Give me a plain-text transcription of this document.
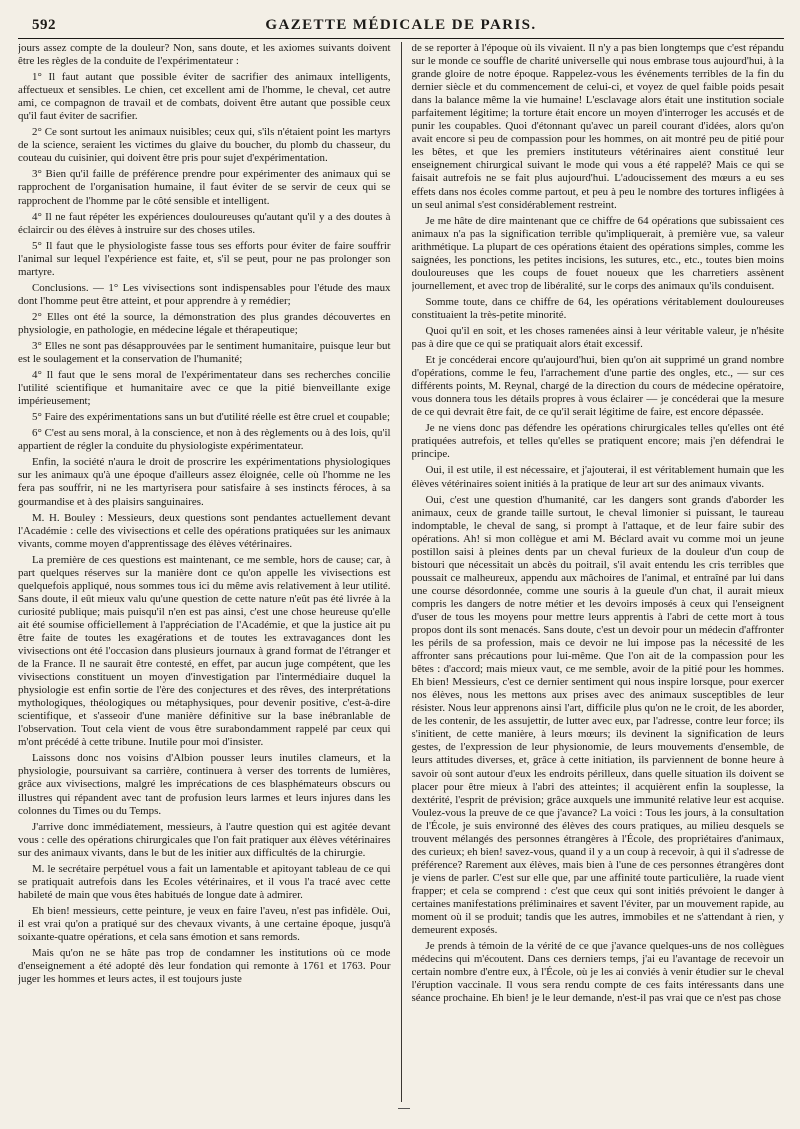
592	GAZETTE MÉDICALE DE PARIS.

jours assez compte de la douleur? Non, sans doute, et les axiomes suivants doivent être les règles de la conduite de l'expérimentateur :

1° Il faut autant que possible éviter de sacrifier des animaux intelligents, affectueux et sensibles. Le chien, cet excellent ami de l'homme, le cheval, cet autre ami, ce compagnon de travail et de combats, doivent être autant que possible ceux qu'il faut éviter de sacrifier.

2° Ce sont surtout les animaux nuisibles; ceux qui, s'ils n'étaient point les martyrs de la science, seraient les victimes du glaive du boucher, du plomb du chasseur, du couteau du cuisinier, qui doivent être pris pour sujet d'expérimentation.

3° Bien qu'il faille de préférence prendre pour expérimenter des animaux qui se rapprochent de l'organisation humaine, il faut éviter de se servir de ceux qui se rapprochent de l'homme par le côté sensible et intelligent.

4° Il ne faut répéter les expériences douloureuses qu'autant qu'il y a des doutes à éclaircir ou des élèves à instruire sur des choses utiles.

5° Il faut que le physiologiste fasse tous ses efforts pour éviter de faire souffrir l'animal sur lequel l'expérience est faite, et, s'il se peut, pour ne pas prolonger son martyre.

Conclusions. — 1° Les vivisections sont indispensables pour l'étude des maux dont l'homme peut être atteint, et pour apprendre à y remédier;

2° Elles ont été la source, la démonstration des plus grandes découvertes en physiologie, en pathologie, en médecine légale et thérapeutique;

3° Elles ne sont pas désapprouvées par le sentiment humanitaire, puisque leur but est le soulagement et la conservation de l'humanité;

4° Il faut que le sens moral de l'expérimentateur dans ses recherches concilie l'utilité scientifique et humanitaire avec ce que la pitié bienveillante exige impérieusement;

5° Faire des expérimentations sans un but d'utilité réelle est être cruel et coupable;

6° C'est au sens moral, à la conscience, et non à des règlements ou à des lois, qu'il appartient de régler la conduite du physiologiste expérimentateur.

Enfin, la société n'aura le droit de proscrire les expérimentations physiologiques sur les animaux qu'à une époque d'ailleurs assez éloignée, celle où l'homme ne les fera pas souffrir, ni ne les martyrisera pour satisfaire à ses instincts féroces, à sa gourmandise et à des plaisirs sanguinaires.

M. H. Bouley : Messieurs, deux questions sont pendantes actuellement devant l'Académie : celle des vivisections et celle des opérations pratiquées sur les animaux vivants, comme moyen d'apprentissage des élèves vétérinaires.

La première de ces questions est maintenant, ce me semble, hors de cause; car, à part quelques réserves sur la manière dont ce qu'on appelle les vivisections est quelquefois appliqué, nous sommes tous ici du même avis relativement à leur utilité. Sans doute, il eût mieux valu qu'une question de cette nature n'eût pas été livrée à la curiosité publique; mais puisqu'il n'en est pas ainsi, c'est une chose heureuse qu'elle ait été soumise officiellement à l'appréciation de l'Académie, et que la justice ait pu être faite de toutes les exagérations et de toutes les extravagances dont les vivisections ont été l'occasion dans plusieurs journaux à grand format de l'étranger et de la France. Il ne saurait être contesté, en effet, par aucun juge compétent, que les vivisections constituent un moyen d'investigation par l'intermédiaire duquel la physiologie est enfin sortie de l'ère des conjectures et des rêves, des interprétations mythologiques, théologiques ou métaphysiques, pour devenir positive, c'est-à-dire scientifique, et s'asseoir d'une manière définitive sur la base inébranlable de l'observation. Tout cela vient de vous être surabondamment rappelé par ceux qui m'ont précédé à cette tribune. Inutile pour moi d'insister.

Laissons donc nos voisins d'Albion pousser leurs inutiles clameurs, et la physiologie, poursuivant sa carrière, continuera à verser des torrents de lumières, grâce aux vivisections, malgré les imprécations de ces blasphémateurs obscurs ou illustres qui répandent avec tant de profusion leurs larmes et leurs injures dans les colonnes du Times ou du Temps.

J'arrive donc immédiatement, messieurs, à l'autre question qui est agitée devant vous : celle des opérations chirurgicales que l'on fait pratiquer aux élèves vétérinaires sur des animaux vivants, dans le but de les initier aux difficultés de la chirurgie.

M. le secrétaire perpétuel vous a fait un lamentable et apitoyant tableau de ce qui se pratiquait autrefois dans les Ecoles vétérinaires, et il vous l'a tracé avec cette habileté de main que vous êtes habitués de longue date à admirer.

Eh bien! messieurs, cette peinture, je veux en faire l'aveu, n'est pas infidèle. Oui, il est vrai qu'on a pratiqué sur des chevaux vivants, à une certaine époque, jusqu'à soixante-quatre opérations, et cela sans émotion et sans remords.

Mais qu'on ne se hâte pas trop de condamner les institutions où ce mode d'enseignement a été adopté dès leur fondation qui remonte à 1761 et 1763. Pour juger les hommes et leurs actes, il est toujours juste

de se reporter à l'époque où ils vivaient. Il n'y a pas bien longtemps que c'est répandu sur le monde ce souffle de charité universelle qui nous embrase tous aujourd'hui, à la grande gloire de notre époque. Rappelez-vous les événements terribles de la fin du dernier siècle et du commencement de celui-ci, et voyez de quel faible poids pesait dans la balance même la vie humaine! L'esclavage alors était une institution sociale parfaitement légitime; la torture était encore un moyen d'interroger les accusés et de punir les coupables. Quoi d'étonnant qu'avec un pareil courant d'idées, alors qu'on avait encore si peu de compassion pour les hommes, on ait montré peu de pitié pour les bêtes, et que les premiers instituteurs vétérinaires aient constitué leur enseignement chirurgical suivant le mode qui vous a été rappelé? Mais ce qui se faisait autrefois ne se fait plus aujourd'hui. L'adoucissement des mœurs a eu ses effets dans nos écoles comme partout, et peu à peu le nombre des tortures infligées à un seul animal s'est considérablement restreint.

Je me hâte de dire maintenant que ce chiffre de 64 opérations que subissaient ces animaux n'a pas la signification terrible qu'impliquerait, à première vue, sa valeur arithmétique. La plupart de ces opérations étaient des opérations simples, comme les saignées, les ponctions, les petites incisions, les sutures, etc., etc., toutes bien moins douloureuses que les coups de fouet noueux que les charretiers assènent journellement, et avec trop de libéralité, sur le corps des animaux qu'ils conduisent.

Somme toute, dans ce chiffre de 64, les opérations véritablement douloureuses constituaient la très-petite minorité.

Quoi qu'il en soit, et les choses ramenées ainsi à leur véritable valeur, je n'hésite pas à dire que ce qui se pratiquait alors était excessif.

Et je concéderai encore qu'aujourd'hui, bien qu'on ait supprimé un grand nombre d'opérations, comme le feu, l'arrachement d'une partie des ongles, etc., — sur ces différents points, M. Reynal, chargé de la direction du cours de médecine opératoire, vous donnera tous les détails propres à vous éclairer — je concéderai que la mesure de ce qui devrait être fait, de ce qu'il serait légitime de faire, est encore dépassée.

Je ne viens donc pas défendre les opérations chirurgicales telles qu'elles ont été pratiquées autrefois, et telles qu'elles se pratiquent encore; mais j'en défendrai le principe.

Oui, il est utile, il est nécessaire, et j'ajouterai, il est véritablement humain que les élèves vétérinaires soient initiés à la pratique de leur art sur des animaux vivants.

Oui, c'est une question d'humanité, car les dangers sont grands d'aborder les animaux, ceux de grande taille surtout, le cheval limonier si puissant, le taureau indomptable, le cheval de sang, si prompt à l'attaque, et de leur faire subir des opérations. Ah! si mon collègue et ami M. Béclard avait vu comme moi un jeune postillon saisi à pleines dents par un cheval furieux de la douleur d'un coup de bistouri que nécessitait un abcès du poitrail, s'il avait entendu les cris terribles que poussait ce malheureux, appendu aux mâchoires de l'animal, et entraîné par lui dans une course désordonnée, comme une souris à la gueule d'un chat, il aurait mieux compris les dangers de notre métier et les devoirs imposés à ceux qui l'enseignent d'user de tous les moyens pour mettre leurs apprentis à l'abri de cette mort à tous propos dont ils sont menacés. Sans doute, c'est un devoir pour un médecin d'affronter les périls de sa profession, mais ce devoir ne lui impose pas la nécessité de les affronter sans précautions pour lui-même. Que l'on ait de la compassion pour les bêtes : d'accord; mais mieux vaut, ce me semble, avoir de la pitié pour les hommes. Eh bien! Messieurs, c'est ce dernier sentiment qui nous inspire lorsque, pour exercer nos élèves, nous les mettons aux prises avec des animaux susceptibles de leur résister. Nous leur apprenons ainsi l'art, difficile plus qu'on ne le croit, de les aborder, de les contenir, de les assujettir, de lutter avec eux, par l'adresse, contre leur force; ils s'initient, de cette manière, à leurs mœurs; ils devinent la signification de leurs gestes, de l'expression de leur physionomie, de leurs mouvements d'ensemble, de leurs attitudes diverses, et, grâce à cette initiation, ils parviennent de bonne heure à savoir où sont autour d'eux les endroits périlleux, dans quelle situation ils doivent se placer pour être mieux à l'abri des atteintes; il acquièrent enfin la souplesse, la dextérité, l'esprit de prévision; grâce auxquels une immunité relative leur est acquise. Voulez-vous la preuve de ce que j'avance? La voici : Tous les jours, à la consultation de l'École, je suis environné des élèves des cours pratiques, au milieu desquels se trouvent mélangés des personnes étrangères à l'École, des propriétaires d'animaux, des curieux; eh bien! savez-vous, quand il y a un coup à recevoir, à qui il s'adresse de préférence? Rarement aux élèves, mais bien à l'une de ces personnes étrangères dont je viens de parler. C'est sur elle que, par une affinité toute particulière, la ruade vient frapper; et cela se comprend : c'est que ceux qui sont initiés prévoient le danger à certaines manifestations préliminaires et savent l'éviter, par un mouvement rapide, au moment où il se produit; tandis que les autres, immobiles et ne s'attendant à rien, y demeurent exposés.

Je prends à témoin de la vérité de ce que j'avance quelques-uns de nos collègues médecins qui m'écoutent. Dans ces derniers temps, j'ai eu l'avantage de recevoir un certain nombre d'entre eux, à l'École, où je les ai conviés à venir étudier sur le cheval l'éruption vaccinale. Il vous sera rendu compte de ces faits intéressants dans une séance prochaine. Eh bien! je le leur demande, n'est-il pas vrai que ce n'est pas chose
